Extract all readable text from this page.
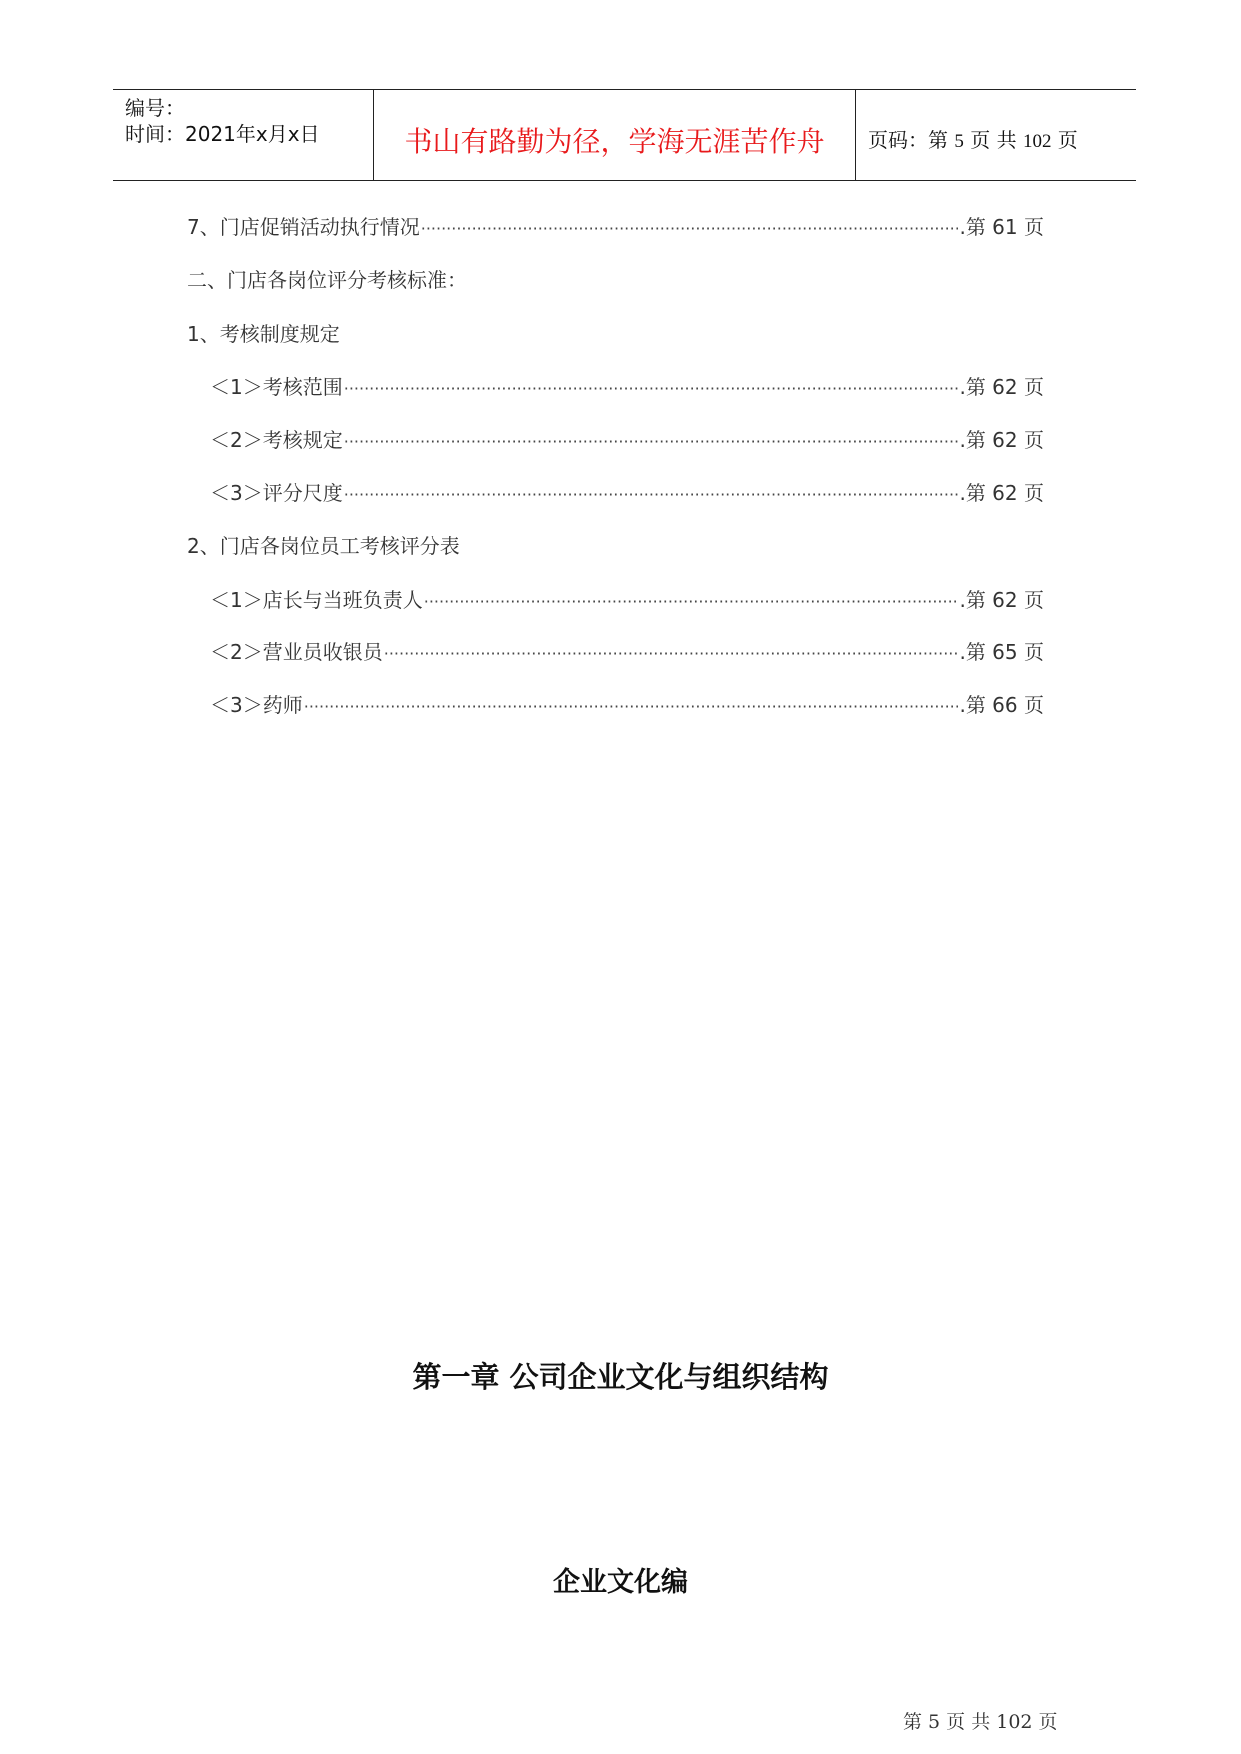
编号：
时间：2021年x月x日	书山有路勤为径，学海无涯苦作舟	页码：第 5 页 共 102 页
7、门店促销活动执行情况 ·····	.第 61 页
二、门店各岗位评分考核标准：
1、考核制度规定
＜1＞考核范围 ·····	.第 62 页
＜2＞考核规定 ·····	.第 62 页
＜3＞评分尺度 ·····	.第 62 页
2、门店各岗位员工考核评分表
＜1＞店长与当班负责人 ·····	.第 62 页
＜2＞营业员收银员 ·····	.第 65 页
＜3＞药师 ·····	.第 66 页
第一章 公司企业文化与组织结构
企业文化编
第 5 页 共 102 页
